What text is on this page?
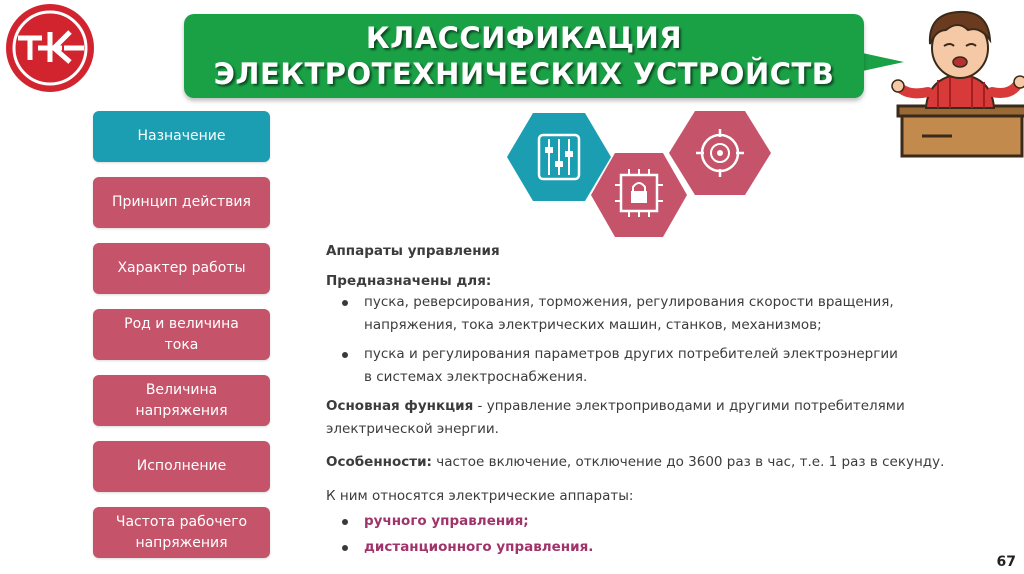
КЛАССИФИКАЦИЯ
ЭЛЕКТРОТЕХНИЧЕСКИХ УСТРОЙСТВ
Назначение
Принцип действия
Характер работы
Род и величина тока
Величина напряжения
Исполнение
Частота рабочего напряжения

Аппараты управления

Предназначены для:

пуска, реверсирования, торможения, регулирования скорости вращения,
напряжения, тока электрических машин, станков, механизмов;
пуска и регулирования параметров других потребителей электроэнергии
в системах электроснабжения.
Основная функция - управление электроприводами и другими потребителями
электрической энергии.
Особенности: частое включение, отключение до 3600 раз в час, т.е. 1 раз в секунду.

К ним относятся электрические аппараты:

ручного управления;
дистанционного управления.
67
